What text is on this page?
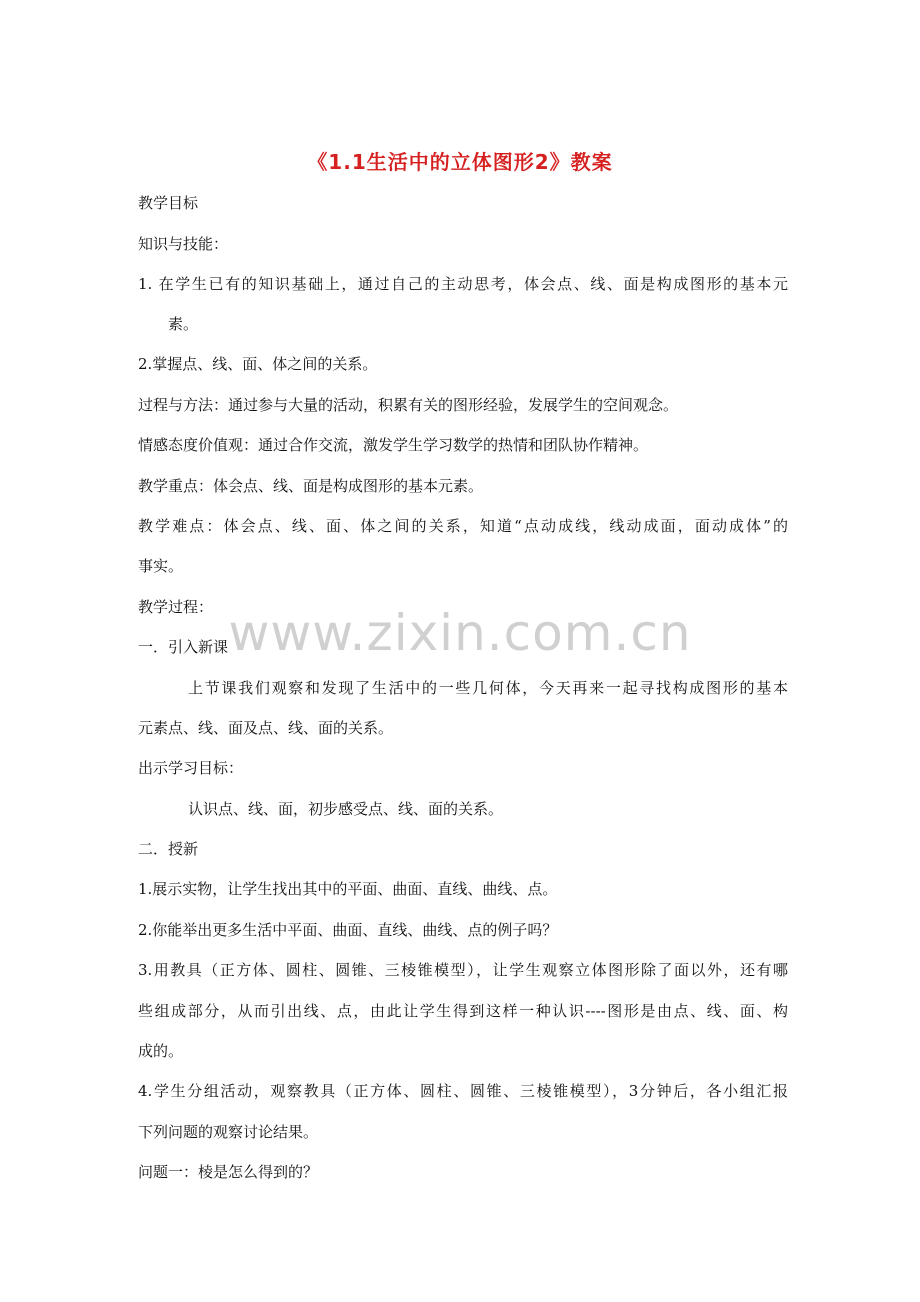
《1.1生活中的立体图形2》教案
www.zixin.com.cn
教学目标
知识与技能：
1. 在学生已有的知识基础上，通过自己的主动思考，体会点、线、面是构成图形的基本元
素。
2.掌握点、线、面、体之间的关系。
过程与方法：通过参与大量的活动，积累有关的图形经验，发展学生的空间观念。
情感态度价值观：通过合作交流，激发学生学习数学的热情和团队协作精神。
教学重点：体会点、线、面是构成图形的基本元素。
教学难点：体会点、线、面、体之间的关系，知道“点动成线，线动成面，面动成体”的
事实。
教学过程：
一．引入新课
上节课我们观察和发现了生活中的一些几何体，今天再来一起寻找构成图形的基本
元素点、线、面及点、线、面的关系。
出示学习目标：
认识点、线、面，初步感受点、线、面的关系。
二．授新
1.展示实物，让学生找出其中的平面、曲面、直线、曲线、点。
2.你能举出更多生活中平面、曲面、直线、曲线、点的例子吗？
3.用教具（正方体、圆柱、圆锥、三棱锥模型），让学生观察立体图形除了面以外，还有哪
些组成部分，从而引出线、点，由此让学生得到这样一种认识----图形是由点、线、面、构
成的。
4.学生分组活动，观察教具（正方体、圆柱、圆锥、三棱锥模型），3分钟后，各小组汇报
下列问题的观察讨论结果。
问题一：棱是怎么得到的？
